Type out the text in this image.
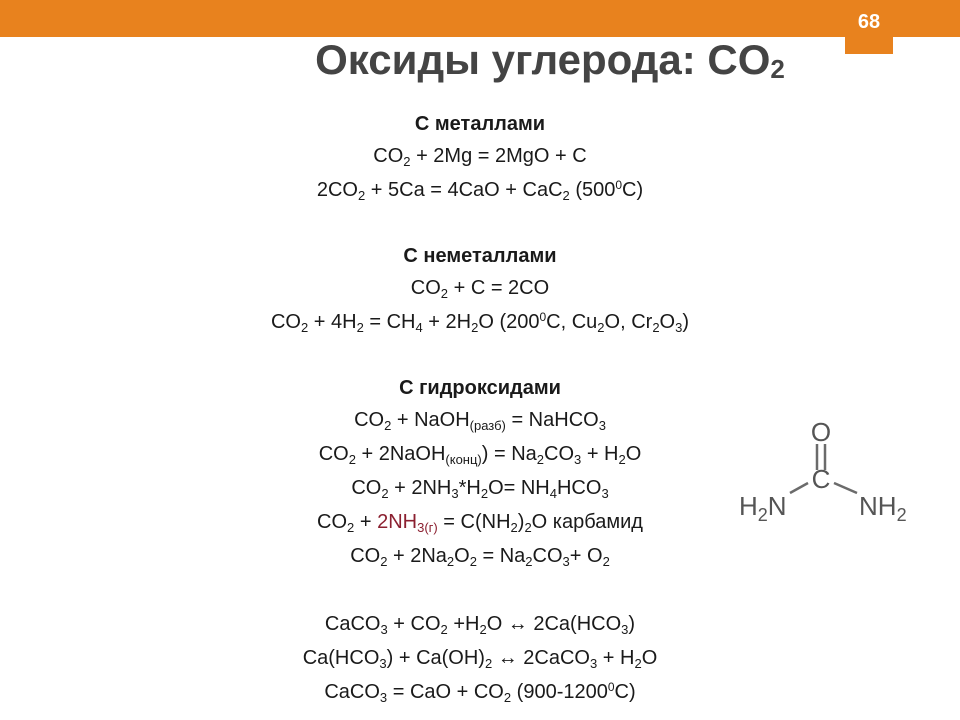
68
Оксиды углерода: $CO_2$
С металлами
$CO_2 + 2Mg = 2MgO + C$
$2CO_2 + 5Ca = 4CaO + CaC_2$ $(500^0C)$
С неметаллами
$CO_2 + C = 2CO$
$CO_2 + 4H_2 = CH_4 + 2H_2O$ ($200^0C$, $Cu_2O$, $Cr_2O_3$)
С гидроксидами
$CO_2$ + NaOH$_{(разб)}$ = NaHCO$_3$
$CO_2$ + 2NaOH$_{(конц)}$) = $Na_2CO_3 + H_2O$
$CO_2 + 2NH_3*H_2O= NH_4HCO_3$
$CO_2 + 2NH_{3(г)} = C(NH_2)_2O$ карбамид
$CO_2 + 2Na_2O_2 = Na_2CO_3+ O_2$
CaCO$_3$ + $CO_2 +H_2O$ ↔ $2Ca(HCO_3)$
$Ca(HCO_3) + Ca(OH)_2$ ↔ 2CaCO$_3$ + $H_2O$
CaCO$_3$ = CaO + $CO_2$ (900-1200$^0$C)
O
C
$H_2N$	$NH_2$
